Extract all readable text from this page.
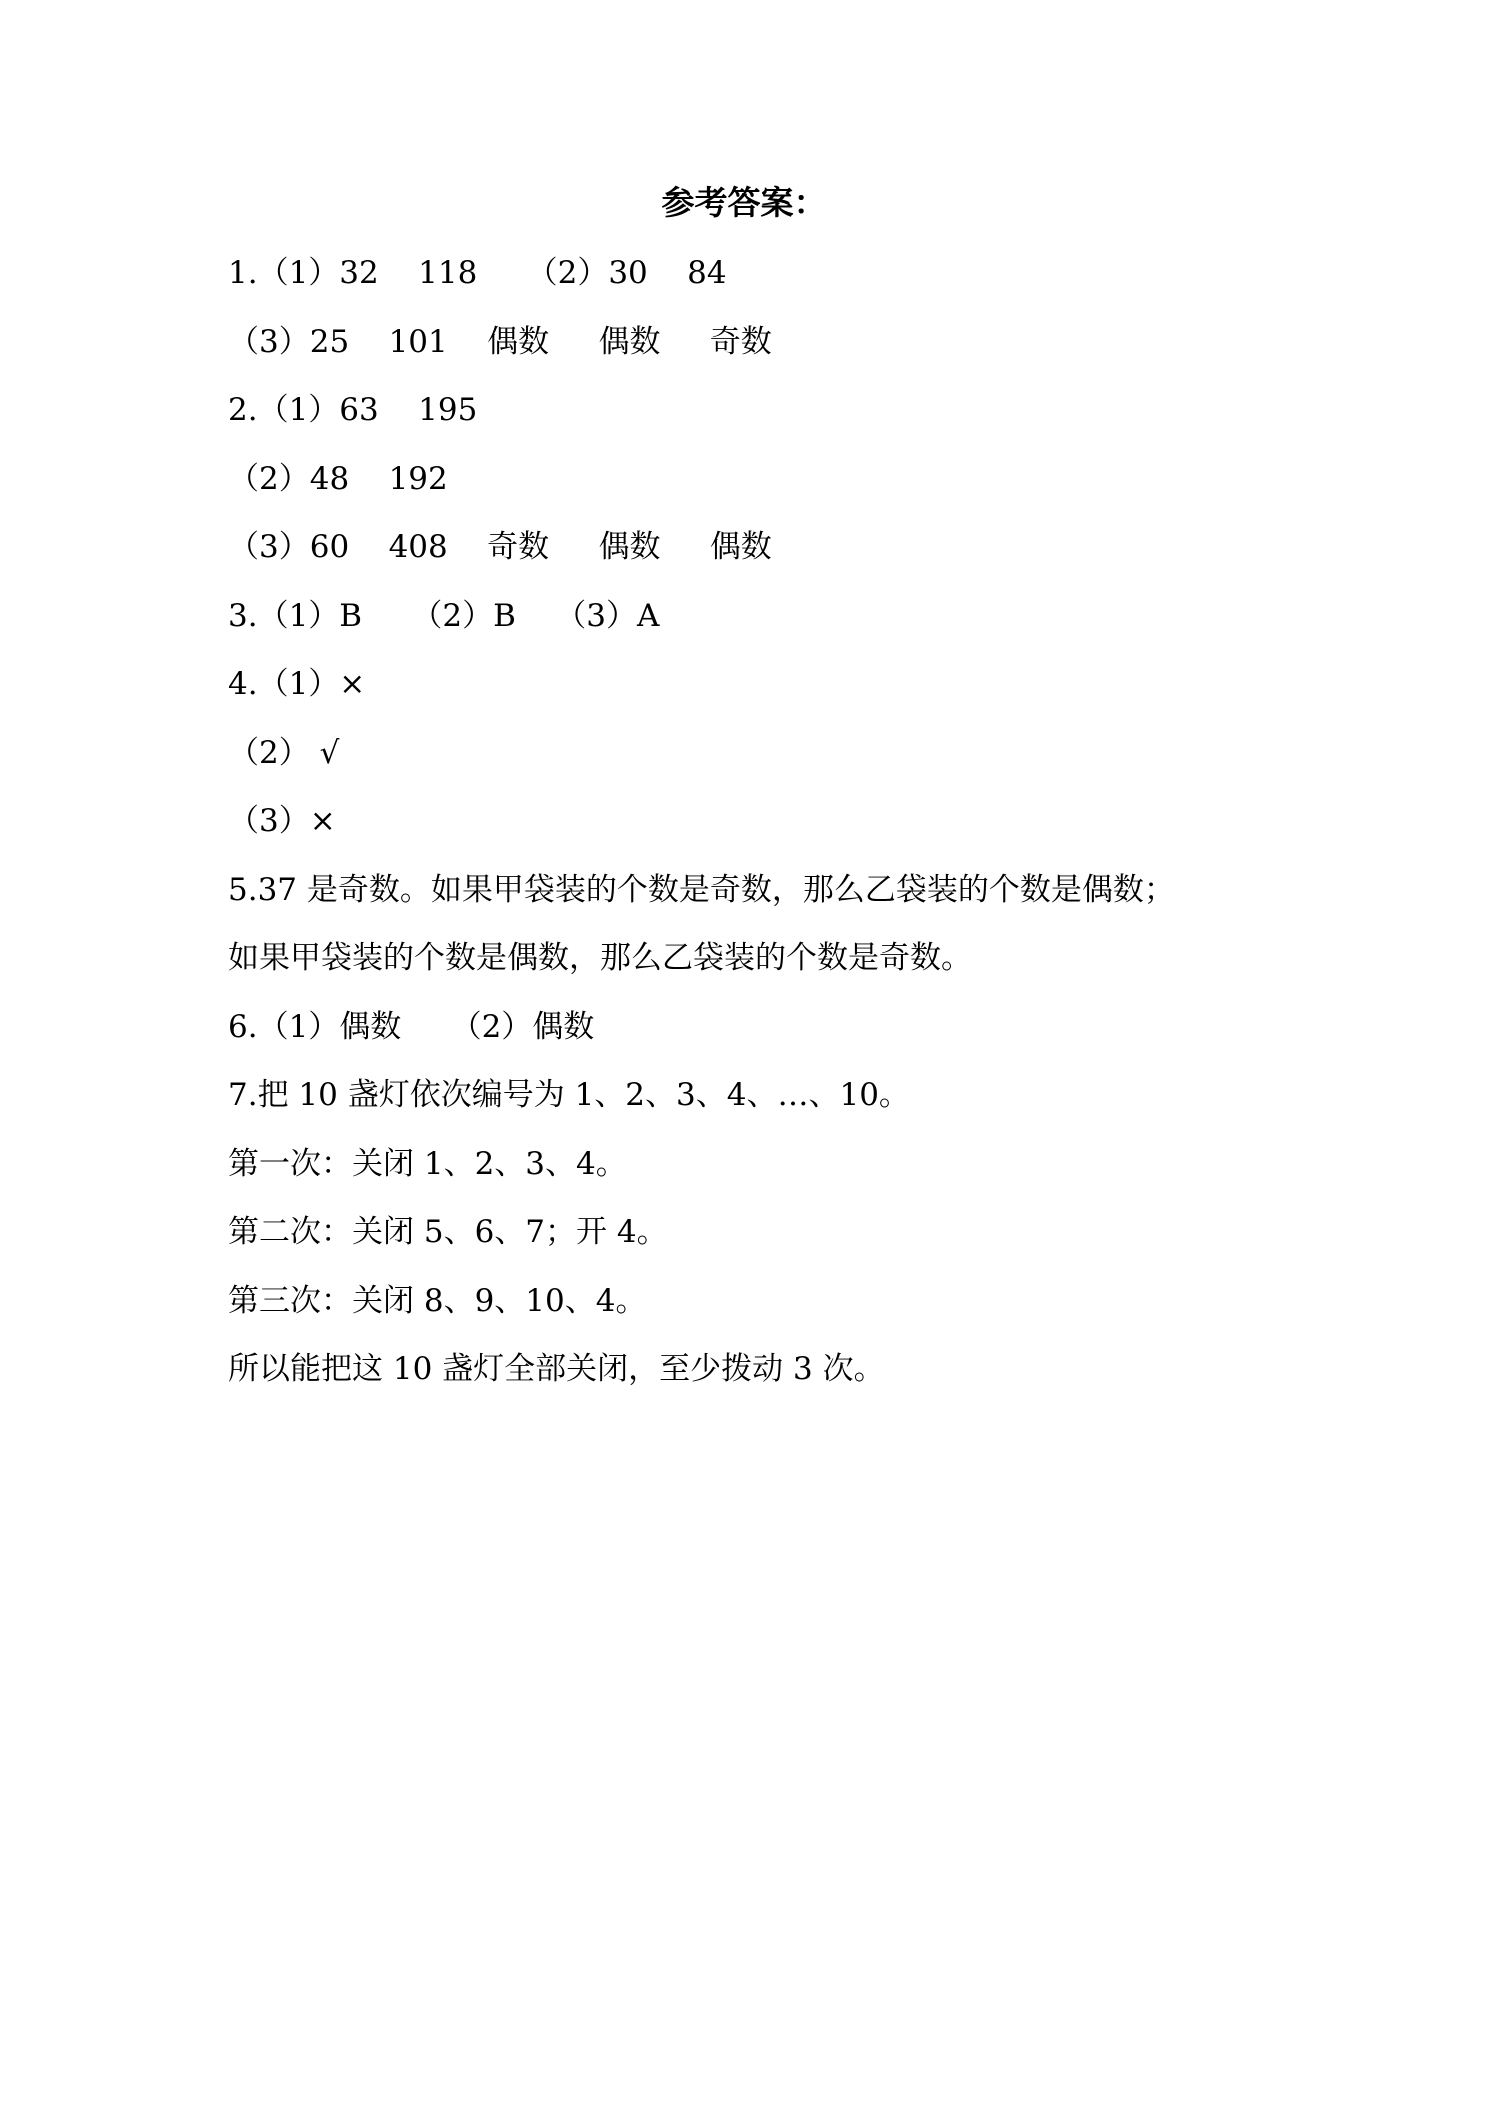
参考答案：
1.（1）32    118     （2）30    84
（3）25    101    偶数     偶数     奇数
2.（1）63    195
（2）48    192
（3）60    408    奇数     偶数     偶数
3.（1）B     （2）B    （3）A
4.（1）×
（2） √
（3）×
5.37 是奇数。如果甲袋装的个数是奇数，那么乙袋装的个数是偶数；
如果甲袋装的个数是偶数，那么乙袋装的个数是奇数。
6.（1）偶数     （2）偶数
7.把 10 盏灯依次编号为 1、2、3、4、…、10。
第一次：关闭 1、2、3、4。
第二次：关闭 5、6、7；开 4。
第三次：关闭 8、9、10、4。
所以能把这 10 盏灯全部关闭，至少拨动 3 次。
